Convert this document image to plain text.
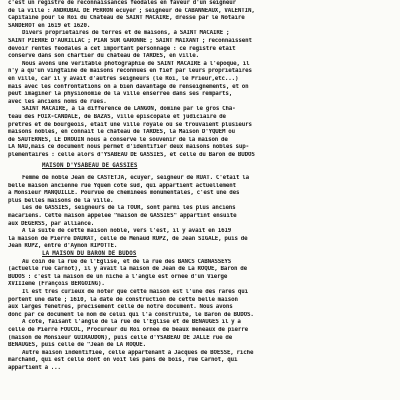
c'est un registre de reconnaissances féodales en faveur d'un seigneur
de la ville : ANDRUBAL DE PERRON écuyer ; seigneur de CABANNEAUX, VALENTIN,
Capitaine pour le Roi du Château de SAINT MACAIRE, dressé par le Notaire
SANDEROT en 1619 et 1620.
Divers propriétaires de terres et de maisons, à SAINT MACAIRE ;
SAINT PIERRE D'AURILLAC ; PIAN SUR GARONNE ; SAINT MAIXANT ; reconnaissent
devoir rentes féodales à cet important personnage : ce registre était
conservé dans son chartier du château de TARDES, en ville.
Nous avons une véritable photographie de SAINT MACAIRE à l'époque, il
n'y a qu'un vingtaine de maisons reconnues en fief par leurs propriétaires
en ville, car il y avait d'autres seigneurs (le Roi, le Prieur,etc...)
mais avec les confrontations on a bien davantage de renseignements, et on
peut imaginer la physionomie de la ville enserrée dans ses remparts,
avec les anciens noms de rues.
SAINT MACAIRE, à la différence de LANGON, dominé par le gros Châ-
teau des FOIX-CANDALE, de BAZAS, ville épiscopale et judiciaire de
prêtres et de bourgeois, était une ville royale où se trouvaient plusieurs
maisons nobles, en connait le château de TARDES, la Maison D'YQUEM ou
de SAUTERNES, LE DROUIN nous a conservé le souvenir de la maison de
LA NAU,mais ce document nous permet d'identifier deux maisons nobles sup-
plémentaires : celle alors d'YSABEAU DE GASSIES, et celle du Baron de BUDOS
MAISON D'YSABEAU DE GASSIES
Femme de noble Jean de CASTETJA, écuyer, seigneur de RUAT. C'était la
belle maison ancienne rue Yquem côté sud, qui appartient actuellement
à Monsieur MANQUILLE. Pourvue de cheminées monumentales, c'est une des
plus belles maisons de la ville.
Les de GASSIES, seigneurs de la TOUR, sont parmi les plus anciens
macariens. Cette maison appelée "maison de GASSIES" appartint ensuite
aux DEGERSS, par alliance.
A la suite de cette maison noble, vers l'est, il y avait en 1619
la maison de Pierre DAURAT, celle de Menaud RUPZ, de Jean SIGALE, puis de
Jean RUPZ, entre d'Aymon RIPOTTE.
LA MAISON DU BARON DE BUDOS
Au coin de la rue de l'Eglise, et de la rue des BANCS CABNASSEYS
(actuelle rue Carnot), il y avait la maison de Jean de La ROQUE, Baron de
BUDOS : c'est la maison de un niche à l'angle est ornée d'un Vierge
XVIIIème (François BERGOING).
Il est très curieux de noter que cette maison est l'une des rares qui
portent une date ; 1610, la date de construction de cette belle maison
aux larges fenêtres, précisément celle de notre document. Nous avons
donc par ce document le nom de celui qui l'a construite, le Baron de BUDOS.
A côté, faisant l'angle de la rue de l'Eglise et de BENAUGES il y a
celle de Pierre FOUCOL, Procureur du Roi ornée de beaux meneaux de pierre
(maison de Monsieur GUIRAUDON), puis celle d'YSABEAU DE JALLE rue de
BENAUGES, puis celle de "Jean de LA ROQUE.
Autre maison indentifiée, celle appartenant à Jacques de BOESSE, riche
marchand, qui est celle dont on voit les pans de bois, rue Carnot, qui
appartient à ...
